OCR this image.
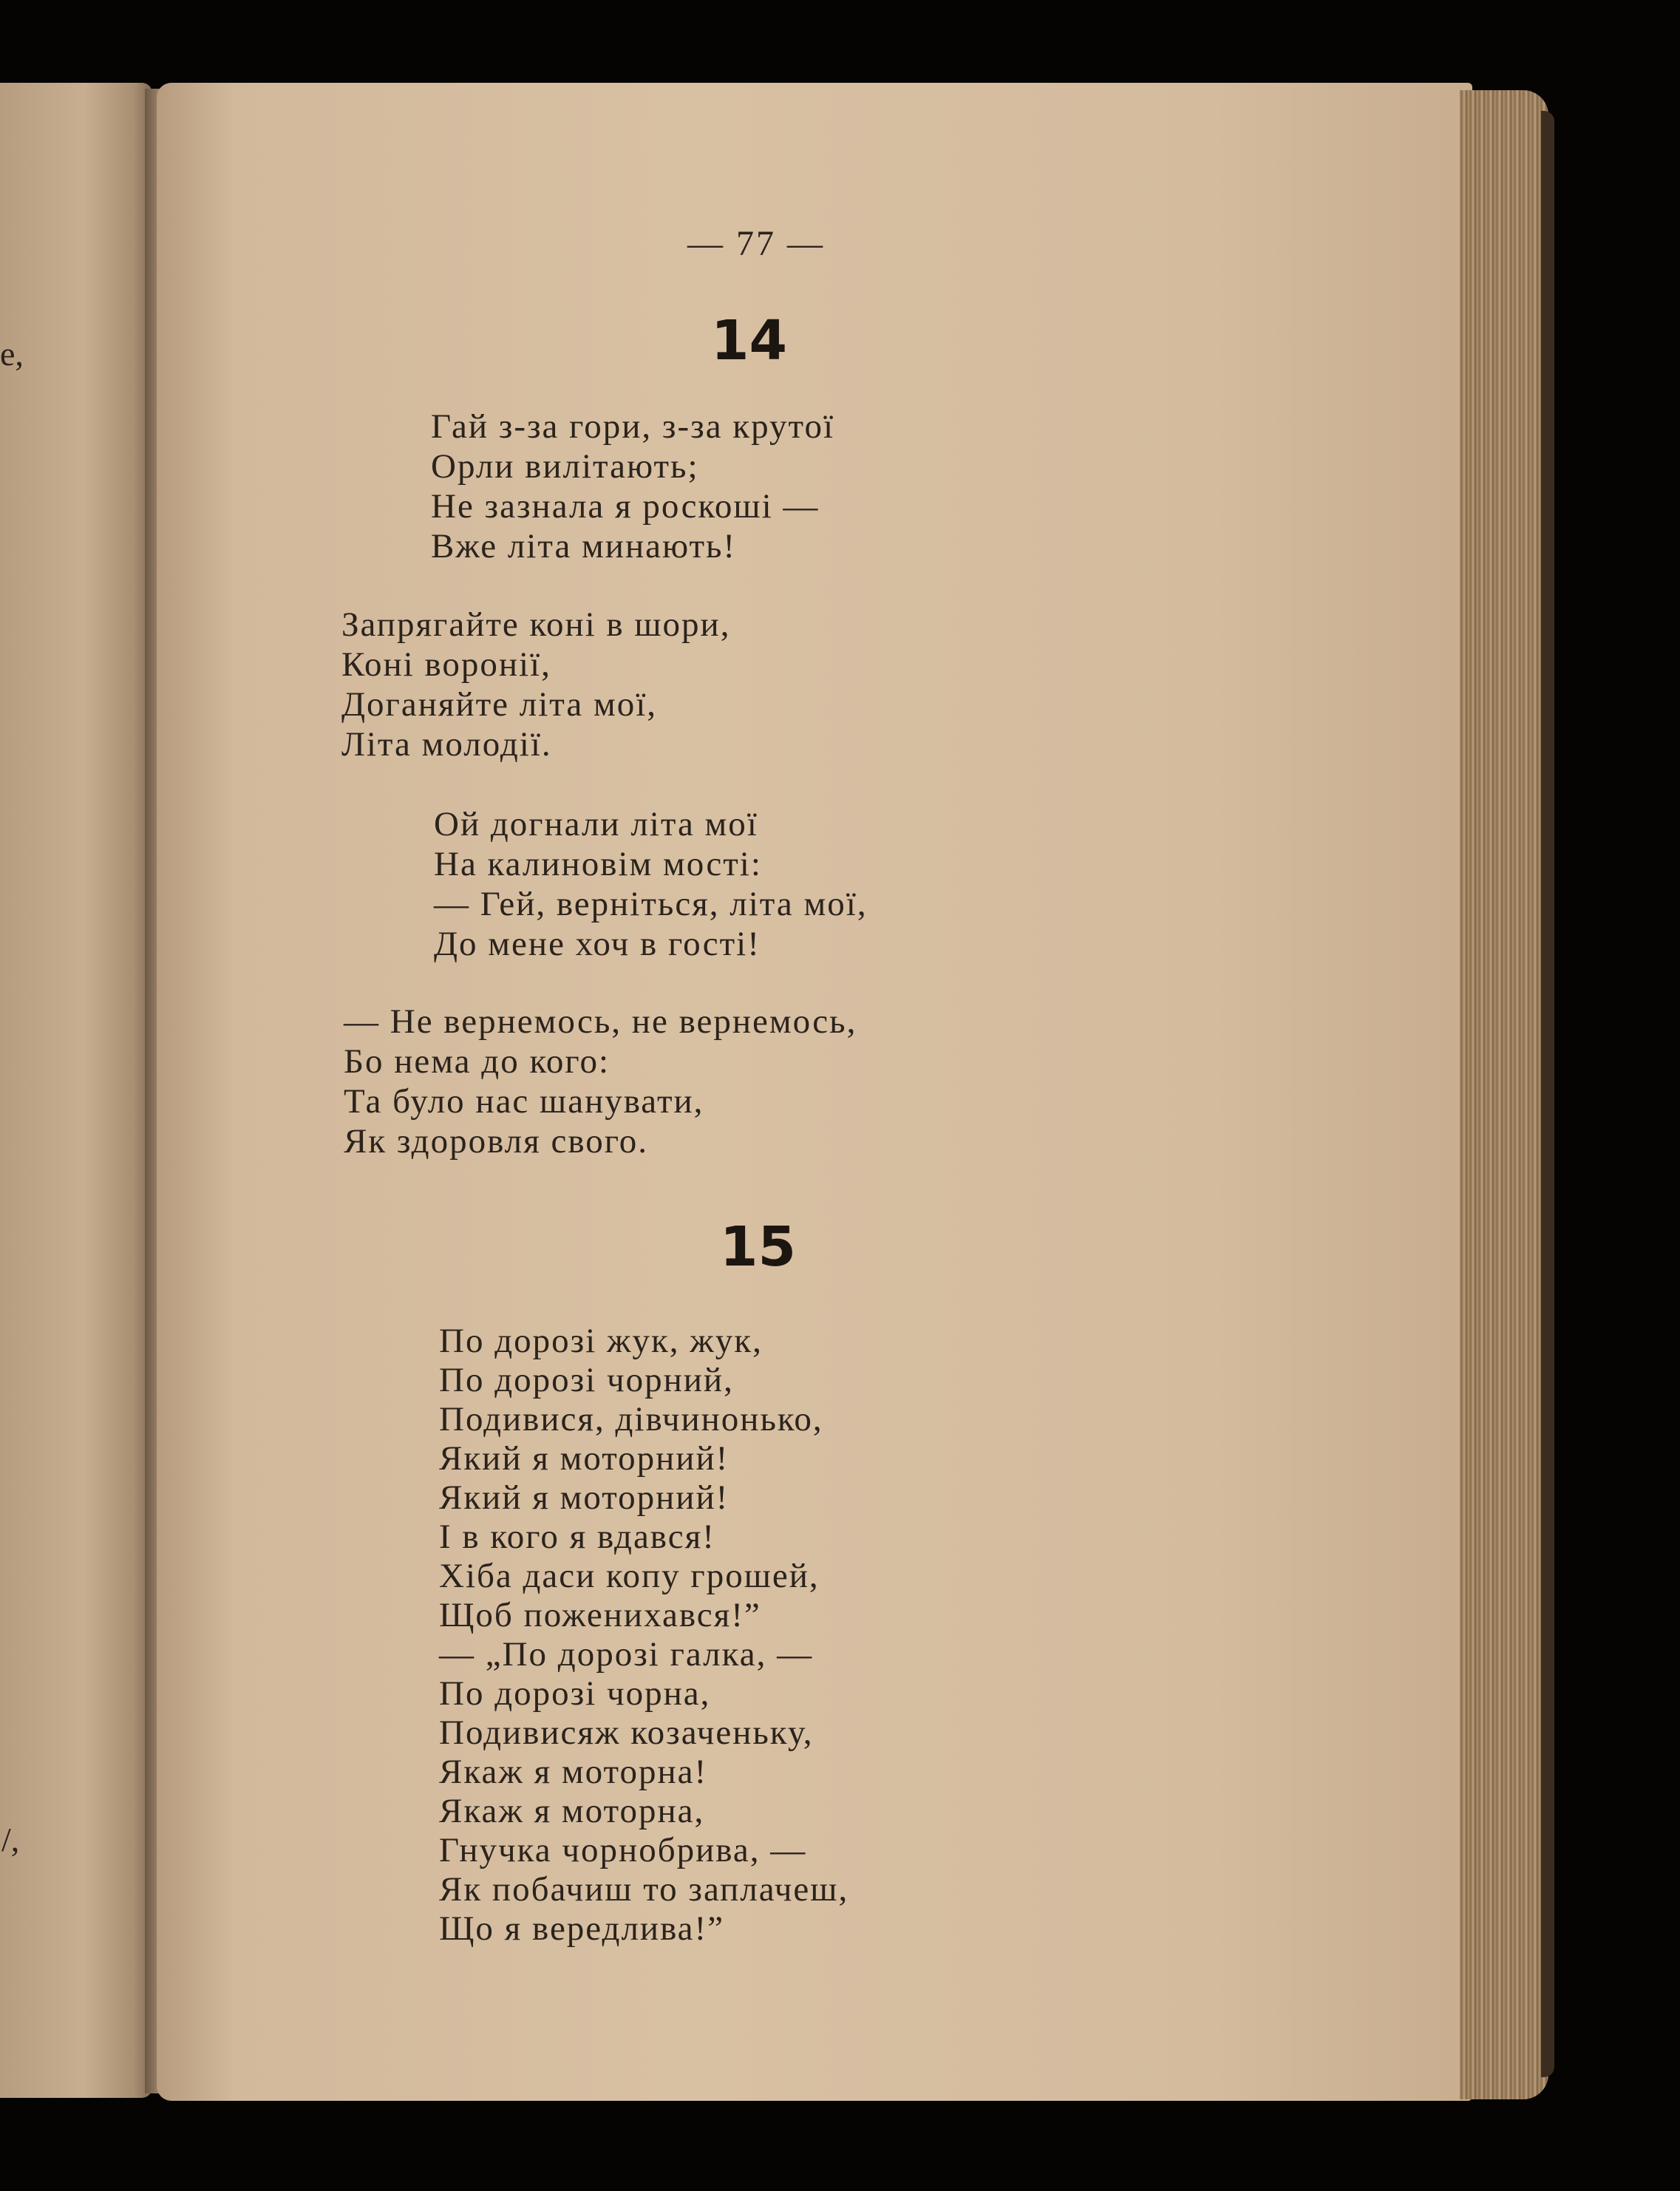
е,
/,
— 77 —
14
Гай з-за гори, з-за крутої
Орли вилітають;
Не зазнала я роскоші —
Вже літа минають!
Запрягайте коні в шори,
Коні воронії,
Доганяйте літа мої,
Літа молодії.
Ой догнали літа мої
На калиновім мості:
— Гей, верніться, літа мої,
До мене хоч в гості!
— Не вернемось, не вернемось,
Бо нема до кого:
Та було нас шанувати,
Як здоровля свого.
15
По дорозі жук, жук,
По дорозі чорний,
Подивися, дівчинонько,
Який я моторний!
Який я моторний!
І в кого я вдався!
Хіба даси копу грошей,
Щоб поженихався!”
— „По дорозі галка, —
По дорозі чорна,
Подивисяж козаченьку,
Якаж я моторна!
Якаж я моторна,
Гнучка чорнобрива, —
Як побачиш то заплачеш,
Що я вередлива!”
